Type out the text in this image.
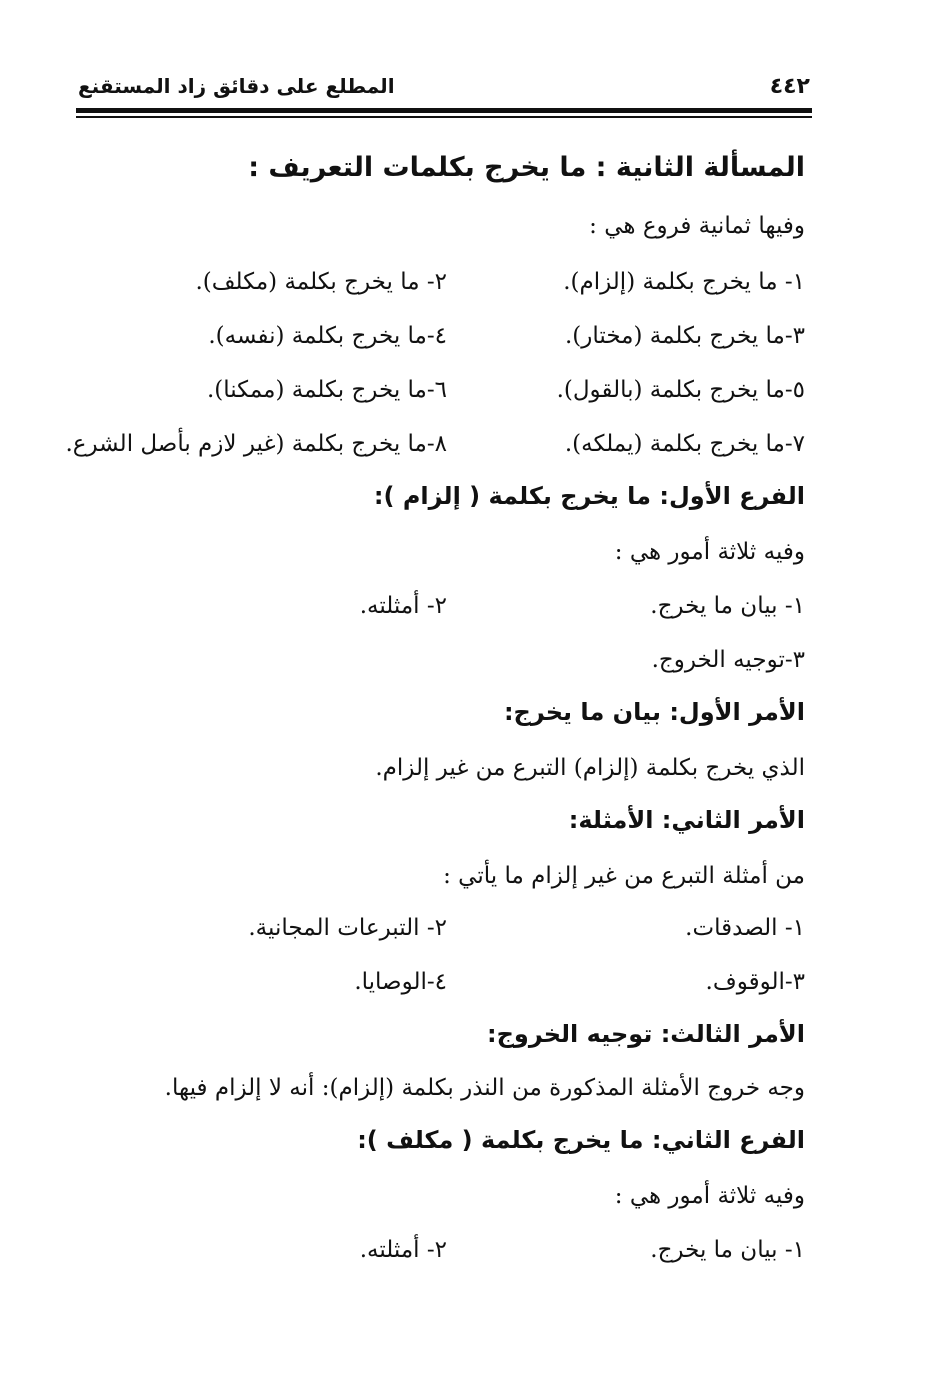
٤٤٢
المطلع على دقائق زاد المستقنع
المسألة الثانية : ما يخرج بكلمات التعريف :
وفيها ثمانية فروع هي :
١- ما يخرج بكلمة (إلزام).
٢- ما يخرج بكلمة (مكلف).
٣-ما يخرج بكلمة (مختار).
٤-ما يخرج بكلمة (نفسه).
٥-ما يخرج بكلمة (بالقول).
٦-ما يخرج بكلمة (ممكنا).
٧-ما يخرج بكلمة (يملكه).
٨-ما يخرج بكلمة (غير لازم بأصل الشرع.
الفرع الأول: ما يخرج بكلمة ( إلزام ):
وفيه ثلاثة أمور هي :
١- بيان ما يخرج.
٢- أمثلته.
٣-توجيه الخروج.
الأمر الأول: بيان ما يخرج:
الذي يخرج بكلمة (إلزام) التبرع من غير إلزام.
الأمر الثاني: الأمثلة:
من أمثلة التبرع من غير إلزام ما يأتي :
١- الصدقات.
٢- التبرعات المجانية.
٣-الوقوف.
٤-الوصايا.
الأمر الثالث: توجيه الخروج:
وجه خروج الأمثلة المذكورة من النذر بكلمة (إلزام): أنه لا إلزام فيها.
الفرع الثاني: ما يخرج بكلمة ( مكلف ):
وفيه ثلاثة أمور هي :
١- بيان ما يخرج.
٢- أمثلته.
